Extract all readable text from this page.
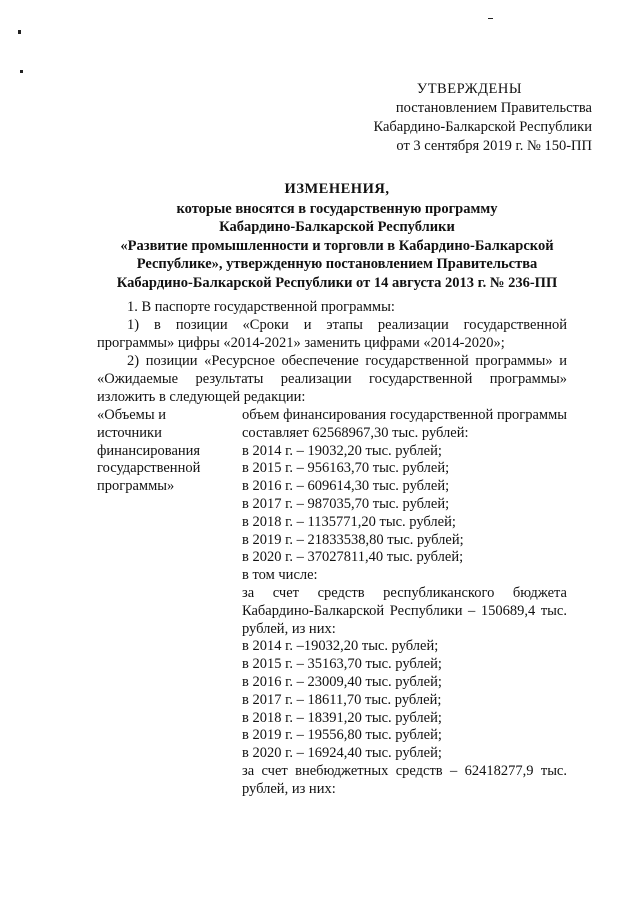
УТВЕРЖДЕНЫ
постановлением Правительства
Кабардино-Балкарской Республики
от 3 сентября 2019 г. № 150-ПП
ИЗМЕНЕНИЯ,
которые вносятся в государственную программу
Кабардино-Балкарской Республики
«Развитие промышленности и торговли в Кабардино-Балкарской
Республике», утвержденную постановлением Правительства
Кабардино-Балкарской Республики от 14 августа 2013 г. № 236-ПП

1. В паспорте государственной программы:

1) в позиции «Сроки и этапы реализации государственной программы» цифры «2014-2021» заменить цифрами «2014-2020»;

2) позиции «Ресурсное обеспечение государственной программы» и «Ожидаемые результаты реализации государственной программы» изложить в следующей редакции:

«Объемы и
источники
финансирования
государственной
программы»
объем финансирования государственной программы составляет 62568967,30 тыс. рублей:
в 2014 г. – 19032,20 тыс. рублей;
в 2015 г. – 956163,70 тыс. рублей;
в 2016 г. – 609614,30 тыс. рублей;
в 2017 г. – 987035,70 тыс. рублей;
в 2018 г. – 1135771,20 тыс. рублей;
в 2019 г. – 21833538,80 тыс. рублей;
в 2020 г. – 37027811,40 тыс. рублей;
в том числе:
за счет средств республиканского бюджета Кабардино-Балкарской Республики – 150689,4 тыс. рублей, из них:
в 2014 г. –19032,20 тыс. рублей;
в 2015 г. – 35163,70 тыс. рублей;
в 2016 г. – 23009,40 тыс. рублей;
в 2017 г. – 18611,70 тыс. рублей;
в 2018 г. – 18391,20 тыс. рублей;
в 2019 г. – 19556,80 тыс. рублей;
в 2020 г. – 16924,40 тыс. рублей;
за счет внебюджетных средств – 62418277,9 тыс. рублей, из них:
